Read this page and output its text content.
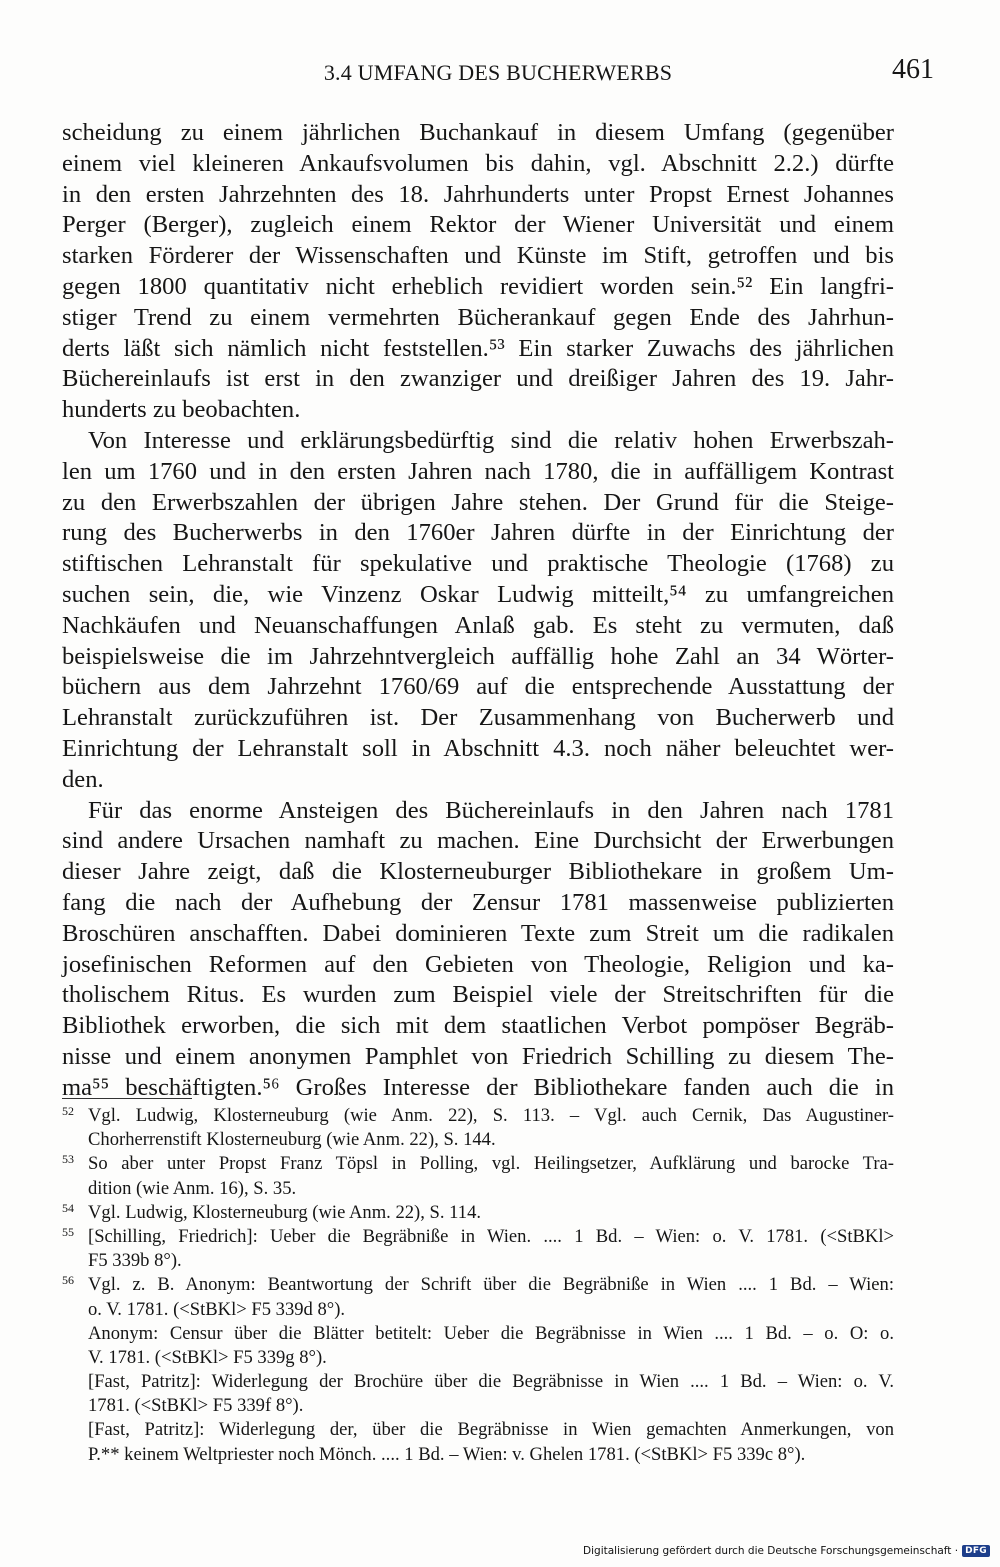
3.4 UMFANG DES BUCHERWERBS	461
scheidung zu einem jährlichen Buchankauf in diesem Umfang (gegenüber
einem viel kleineren Ankaufsvolumen bis dahin, vgl. Abschnitt 2.2.) dürfte
in den ersten Jahrzehnten des 18. Jahrhunderts unter Propst Ernest Johannes
Perger (Berger), zugleich einem Rektor der Wiener Universität und einem
starken Förderer der Wissenschaften und Künste im Stift, getroffen und bis
gegen 1800 quantitativ nicht erheblich revidiert worden sein.⁵² Ein langfri-
stiger Trend zu einem vermehrten Bücherankauf gegen Ende des Jahrhun-
derts läßt sich nämlich nicht feststellen.⁵³ Ein starker Zuwachs des jährlichen
Büchereinlaufs ist erst in den zwanziger und dreißiger Jahren des 19. Jahr-
hunderts zu beobachten.
Von Interesse und erklärungsbedürftig sind die relativ hohen Erwerbszah-
len um 1760 und in den ersten Jahren nach 1780, die in auffälligem Kontrast
zu den Erwerbszahlen der übrigen Jahre stehen. Der Grund für die Steige-
rung des Bucherwerbs in den 1760er Jahren dürfte in der Einrichtung der
stiftischen Lehranstalt für spekulative und praktische Theologie (1768) zu
suchen sein, die, wie Vinzenz Oskar Ludwig mitteilt,⁵⁴ zu umfangreichen
Nachkäufen und Neuanschaffungen Anlaß gab. Es steht zu vermuten, daß
beispielsweise die im Jahrzehntvergleich auffällig hohe Zahl an 34 Wörter-
büchern aus dem Jahrzehnt 1760/69 auf die entsprechende Ausstattung der
Lehranstalt zurückzuführen ist. Der Zusammenhang von Bucherwerb und
Einrichtung der Lehranstalt soll in Abschnitt 4.3. noch näher beleuchtet wer-
den.
Für das enorme Ansteigen des Büchereinlaufs in den Jahren nach 1781
sind andere Ursachen namhaft zu machen. Eine Durchsicht der Erwerbungen
dieser Jahre zeigt, daß die Klosterneuburger Bibliothekare in großem Um-
fang die nach der Aufhebung der Zensur 1781 massenweise publizierten
Broschüren anschafften. Dabei dominieren Texte zum Streit um die radikalen
josefinischen Reformen auf den Gebieten von Theologie, Religion und ka-
tholischem Ritus. Es wurden zum Beispiel viele der Streitschriften für die
Bibliothek erworben, die sich mit dem staatlichen Verbot pompöser Begräb-
nisse und einem anonymen Pamphlet von Friedrich Schilling zu diesem The-
ma⁵⁵ beschäftigten.⁵⁶ Großes Interesse der Bibliothekare fanden auch die in
52 Vgl. Ludwig, Klosterneuburg (wie Anm. 22), S. 113. – Vgl. auch Cernik, Das Augustiner-
Chorherrenstift Klosterneuburg (wie Anm. 22), S. 144.
53 So aber unter Propst Franz Töpsl in Polling, vgl. Heilingsetzer, Aufklärung und barocke Tra-
dition (wie Anm. 16), S. 35.
54 Vgl. Ludwig, Klosterneuburg (wie Anm. 22), S. 114.
55 [Schilling, Friedrich]: Ueber die Begräbniße in Wien. .... 1 Bd. – Wien: o. V. 1781. (<StBKl>
F5 339b 8°).
56 Vgl. z. B. Anonym: Beantwortung der Schrift über die Begräbniße in Wien .... 1 Bd. – Wien:
o. V. 1781. (<StBKl> F5 339d 8°).
Anonym: Censur über die Blätter betitelt: Ueber die Begräbnisse in Wien .... 1 Bd. – o. O: o.
V. 1781. (<StBKl> F5 339g 8°).
[Fast, Patritz]: Widerlegung der Brochüre über die Begräbnisse in Wien .... 1 Bd. – Wien: o. V.
1781. (<StBKl> F5 339f 8°).
[Fast, Patritz]: Widerlegung der, über die Begräbnisse in Wien gemachten Anmerkungen, von
P.** keinem Weltpriester noch Mönch. .... 1 Bd. – Wien: v. Ghelen 1781. (<StBKl> F5 339c 8°).
Digitalisierung gefördert durch die Deutsche Forschungsgemeinschaft · DFG
